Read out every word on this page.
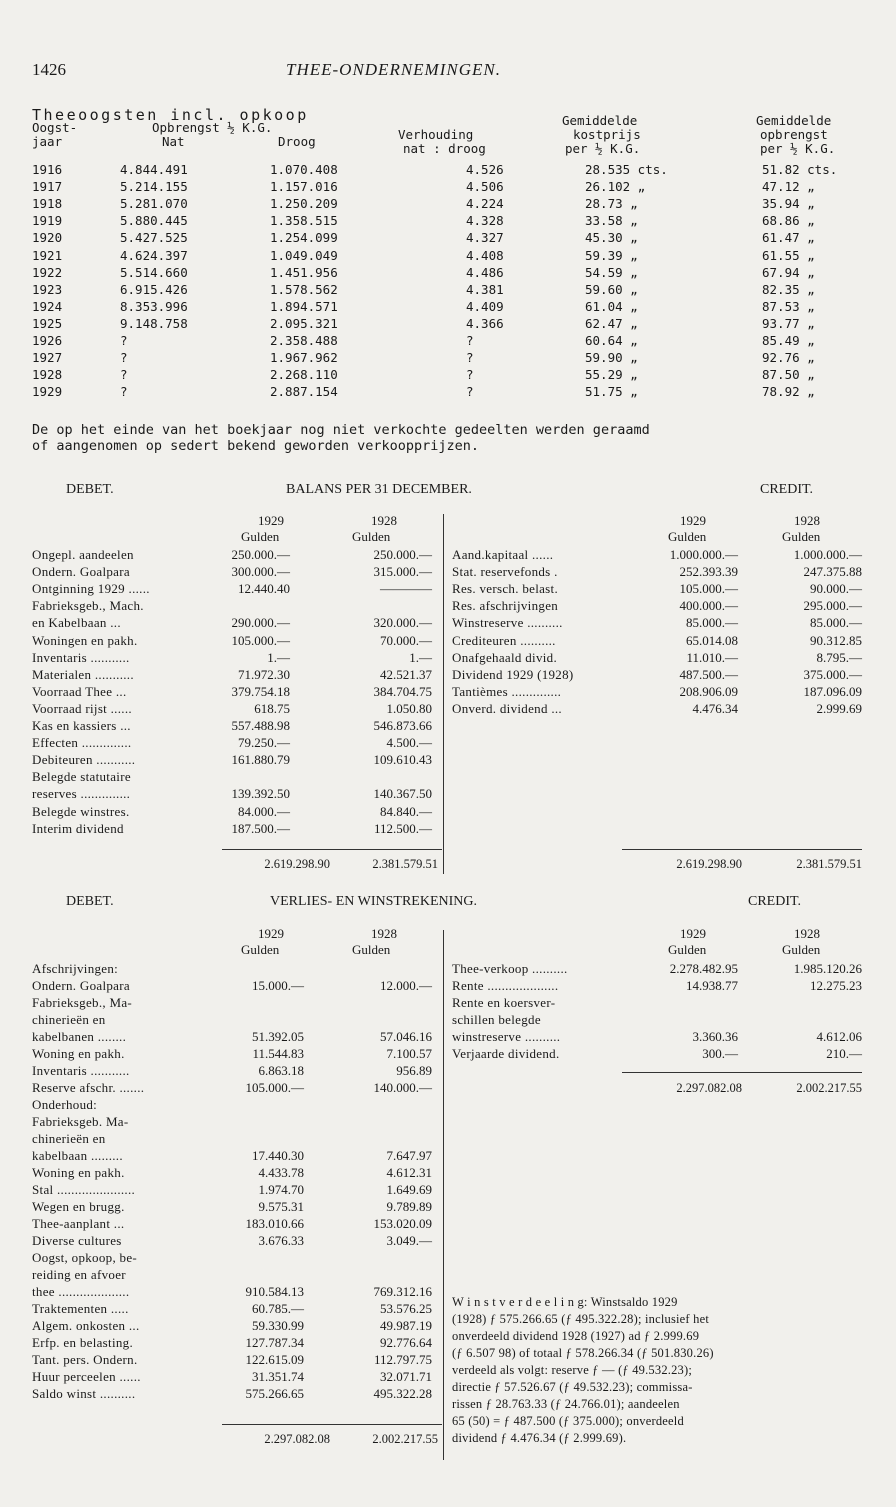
1426	THEE-ONDERNEMINGEN.
Theeoogsten incl. opkoop
Oogst-
jaar
Opbrengst ½ K.G.
Nat	Droog	Verhouding
nat : droog
Gemiddelde
kostprijs
per ½ K.G.
Gemiddelde
opbrengst
per ½ K.G.
1916	4.844.491	1.070.408	4.526	28.535 cts.	51.82 cts.
1917	5.214.155	1.157.016	4.506	26.102 „	47.12 „
1918	5.281.070	1.250.209	4.224	28.73 „	35.94 „
1919	5.880.445	1.358.515	4.328	33.58 „	68.86 „
1920	5.427.525	1.254.099	4.327	45.30 „	61.47 „
1921	4.624.397	1.049.049	4.408	59.39 „	61.55 „
1922	5.514.660	1.451.956	4.486	54.59 „	67.94 „
1923	6.915.426	1.578.562	4.381	59.60 „	82.35 „
1924	8.353.996	1.894.571	4.409	61.04 „	87.53 „
1925	9.148.758	2.095.321	4.366	62.47 „	93.77 „
1926	?	2.358.488	?	60.64 „	85.49 „
1927	?	1.967.962	?	59.90 „	92.76 „
1928	?	2.268.110	?	55.29 „	87.50 „
1929	?	2.887.154	?	51.75 „	78.92 „
De op het einde van het boekjaar nog niet verkochte gedeelten werden geraamd
of aangenomen op sedert bekend geworden verkoopprijzen.
DEBET.	BALANS PER 31 DECEMBER.	CREDIT.
1929	1928
Gulden	Gulden
1929	1928
Gulden	Gulden
Ongepl. aandeelen	250.000.—	250.000.—
Ondern. Goalpara	300.000.—	315.000.—
Ontginning 1929 ......	12.440.40	————
Fabrieksgeb., Mach.
en Kabelbaan ...	290.000.—	320.000.—
Woningen en pakh.	105.000.—	70.000.—
Inventaris ...........	1.—	1.—
Materialen ...........	71.972.30	42.521.37
Voorraad Thee ...	379.754.18	384.704.75
Voorraad rijst ......	618.75	1.050.80
Kas en kassiers ...	557.488.98	546.873.66
Effecten ..............	79.250.—	4.500.—
Debiteuren ...........	161.880.79	109.610.43
Belegde statutaire
reserves ..............	139.392.50	140.367.50
Belegde winstres.	84.000.—	84.840.—
Interim dividend	187.500.—	112.500.—
Aand.kapitaal ......	1.000.000.—	1.000.000.—
Stat. reservefonds .	252.393.39	247.375.88
Res. versch. belast.	105.000.—	90.000.—
Res. afschrijvingen	400.000.—	295.000.—
Winstreserve ..........	85.000.—	85.000.—
Crediteuren ..........	65.014.08	90.312.85
Onafgehaald divid.	11.010.—	8.795.—
Dividend 1929 (1928)	487.500.—	375.000.—
Tantièmes ..............	208.906.09	187.096.09
Onverd. dividend ...	4.476.34	2.999.69
2.619.298.90	2.381.579.51	2.619.298.90	2.381.579.51
DEBET.	VERLIES- EN WINSTREKENING.	CREDIT.
1929	1928
Gulden	Gulden
1929	1928
Gulden	Gulden
Afschrijvingen:
Ondern. Goalpara	15.000.—	12.000.—
Fabrieksgeb., Ma-
chinerieën en
kabelbanen ........	51.392.05	57.046.16
Woning en pakh.	11.544.83	7.100.57
Inventaris ...........	6.863.18	956.89
Reserve afschr. .......	105.000.—	140.000.—
Onderhoud:
Fabrieksgeb. Ma-
chinerieën en
kabelbaan .........	17.440.30	7.647.97
Woning en pakh.	4.433.78	4.612.31
Stal ......................	1.974.70	1.649.69
Wegen en brugg.	9.575.31	9.789.89
Thee-aanplant ...	183.010.66	153.020.09
Diverse cultures	3.676.33	3.049.—
Oogst, opkoop, be-
reiding en afvoer
thee ....................	910.584.13	769.312.16
Traktementen .....	60.785.—	53.576.25
Algem. onkosten ...	59.330.99	49.987.19
Erfp. en belasting.	127.787.34	92.776.64
Tant. pers. Ondern.	122.615.09	112.797.75
Huur perceelen ......	31.351.74	32.071.71
Saldo winst ..........	575.266.65	495.322.28
Thee-verkoop ..........	2.278.482.95	1.985.120.26
Rente ....................	14.938.77	12.275.23
Rente en koersver-
schillen belegde
winstreserve ..........	3.360.36	4.612.06
Verjaarde dividend.	300.—	210.—
2.297.082.08	2.002.217.55
2.297.082.08	2.002.217.55
W i n s t v e r d e e l i n g: Winstsaldo 1929
(1928) ƒ 575.266.65 (ƒ 495.322.28); inclusief het
onverdeeld dividend 1928 (1927) ad ƒ 2.999.69
(ƒ 6.507 98) of totaal ƒ 578.266.34 (ƒ 501.830.26)
verdeeld als volgt: reserve ƒ — (ƒ 49.532.23);
directie ƒ 57.526.67 (ƒ 49.532.23); commissa-
rissen ƒ 28.763.33 (ƒ 24.766.01); aandeelen
65 (50) = ƒ 487.500 (ƒ 375.000); onverdeeld
dividend ƒ 4.476.34 (ƒ 2.999.69).
